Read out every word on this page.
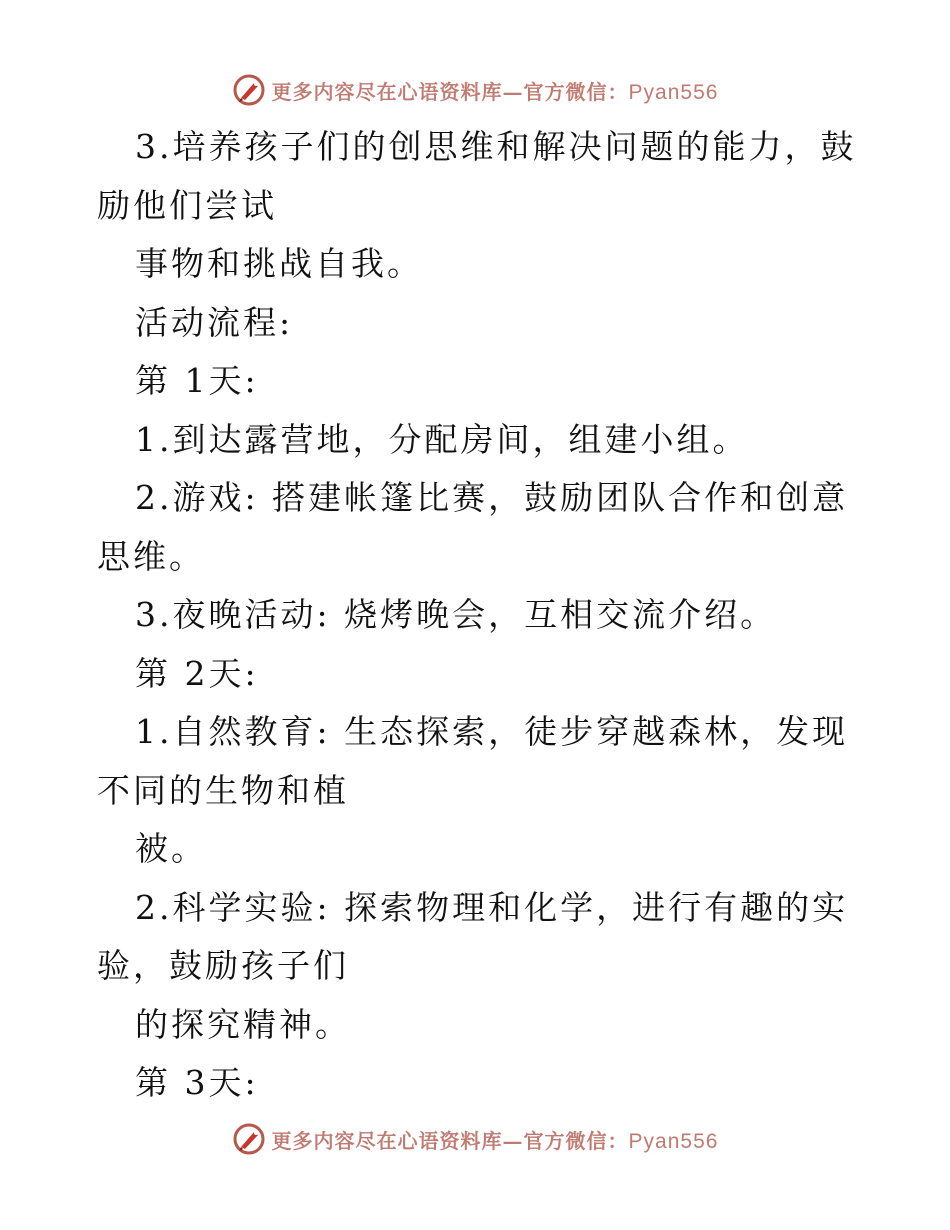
更多内容尽在心语资料库—官方微信：Pyan556

3.培养孩子们的创思维和解决问题的能力，鼓励他们尝试

事物和挑战自我。

活动流程:

第 1天:

1.到达露营地，分配房间，组建小组。

2.游戏: 搭建帐篷比赛，鼓励团队合作和创意思维。

3.夜晚活动: 烧烤晚会，互相交流介绍。

第 2天:

1.自然教育: 生态探索，徒步穿越森林，发现不同的生物和植

被。

2.科学实验: 探索物理和化学，进行有趣的实验，鼓励孩子们

的探究精神。

第 3天:

更多内容尽在心语资料库—官方微信：Pyan556
